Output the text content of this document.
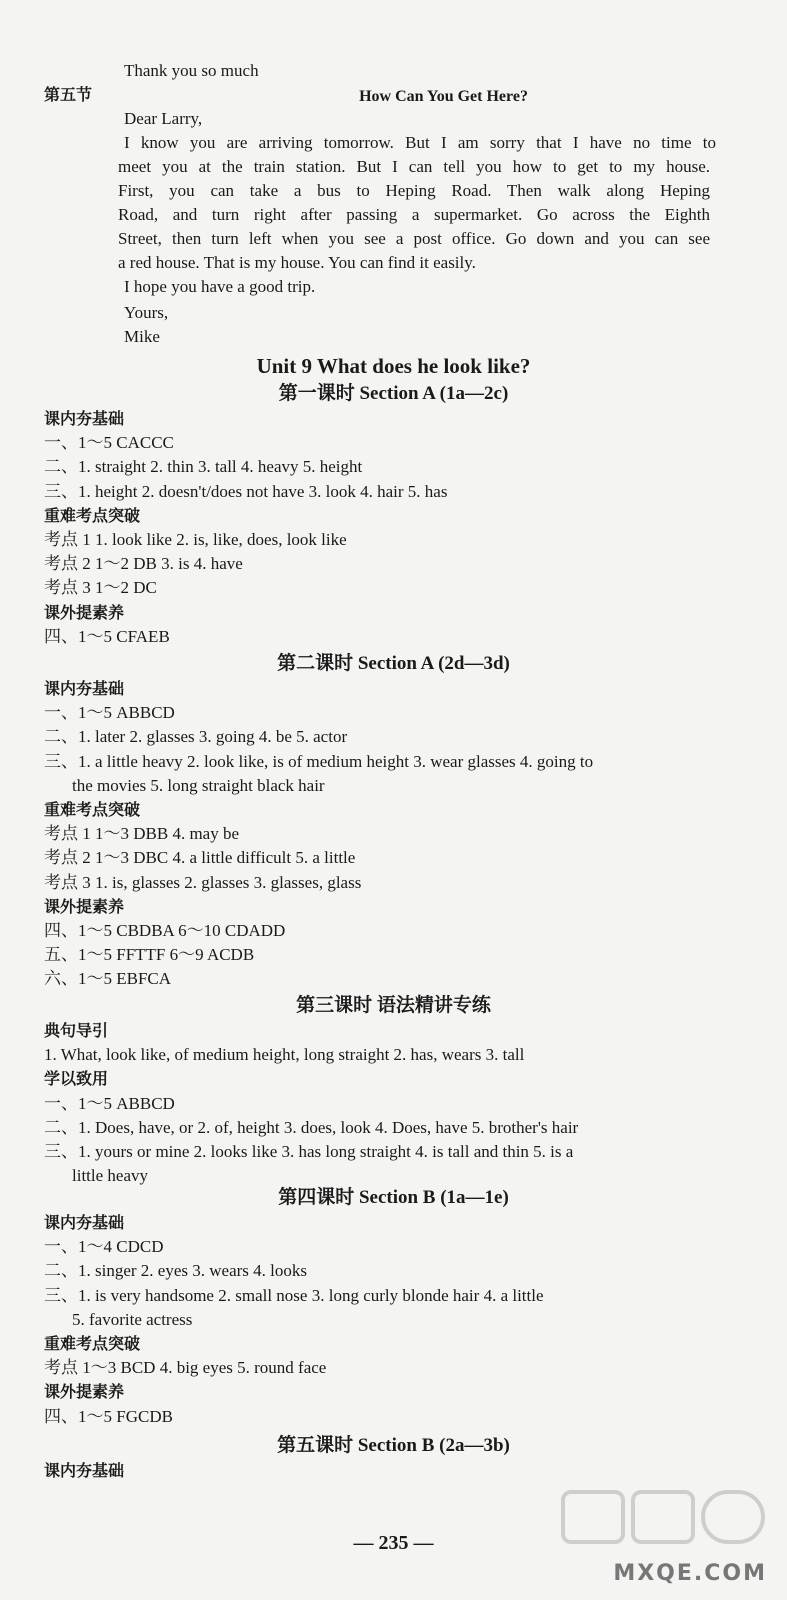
Thank you so much
第五节	How Can You Get Here?
Dear Larry,
I know you are arriving tomorrow. But I am sorry that I have no time to
meet you at the train station. But I can tell you how to get to my house.
First, you can take a bus to Heping Road. Then walk along Heping
Road, and turn right after passing a supermarket. Go across the Eighth
Street, then turn left when you see a post office. Go down and you can see
a red house. That is my house. You can find it easily.
I hope you have a good trip.
Yours,
Mike
Unit 9 What does he look like?
第一课时 Section A (1a—2c)
课内夯基础
一、1～5 CACCC
二、1. straight 2. thin 3. tall 4. heavy 5. height
三、1. height 2. doesn't/does not have 3. look 4. hair 5. has
重难考点突破
考点 1 1. look like 2. is, like, does, look like
考点 2 1～2 DB 3. is 4. have
考点 3 1～2 DC
课外提素养
四、1～5 CFAEB
第二课时 Section A (2d—3d)
课内夯基础
一、1～5 ABBCD
二、1. later 2. glasses 3. going 4. be 5. actor
三、1. a little heavy 2. look like, is of medium height 3. wear glasses 4. going to
the movies 5. long straight black hair
重难考点突破
考点 1 1～3 DBB 4. may be
考点 2 1～3 DBC 4. a little difficult 5. a little
考点 3 1. is, glasses 2. glasses 3. glasses, glass
课外提素养
四、1～5 CBDBA 6～10 CDADD
五、1～5 FFTTF 6～9 ACDB
六、1～5 EBFCA
第三课时 语法精讲专练
典句导引
1. What, look like, of medium height, long straight 2. has, wears 3. tall
学以致用
一、1～5 ABBCD
二、1. Does, have, or 2. of, height 3. does, look 4. Does, have 5. brother's hair
三、1. yours or mine 2. looks like 3. has long straight 4. is tall and thin 5. is a
little heavy
第四课时 Section B (1a—1e)
课内夯基础
一、1～4 CDCD
二、1. singer 2. eyes 3. wears 4. looks
三、1. is very handsome 2. small nose 3. long curly blonde hair 4. a little
5. favorite actress
重难考点突破
考点 1～3 BCD 4. big eyes 5. round face
课外提素养
四、1～5 FGCDB
第五课时 Section B (2a—3b)
课内夯基础
— 235 —
MXQE.COM
